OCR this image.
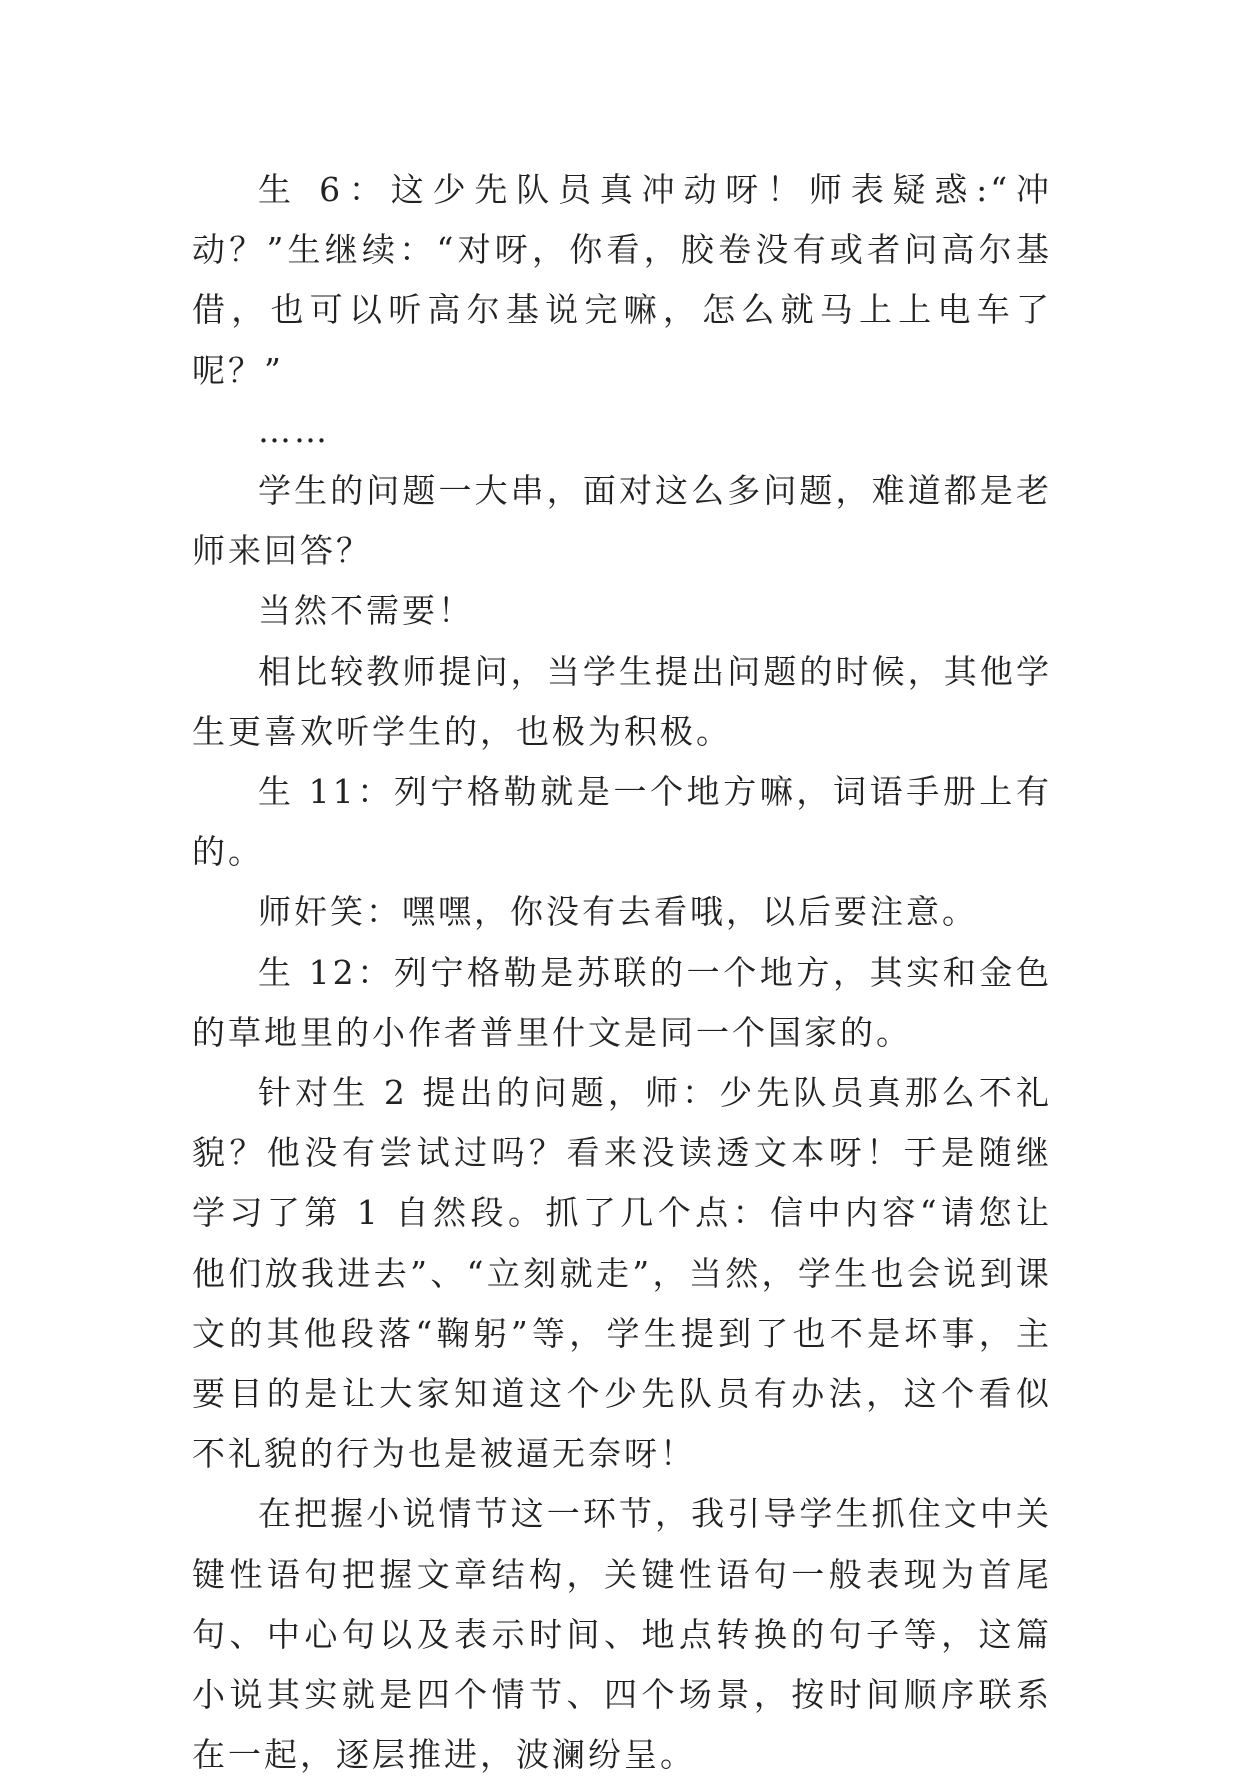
生 6：这少先队员真冲动呀！师表疑惑:“冲动？”生继续：“对呀，你看，胶卷没有或者问高尔基借，也可以听高尔基说完嘛，怎么就马上上电车了呢？”

……

学生的问题一大串，面对这么多问题，难道都是老师来回答？

当然不需要！

相比较教师提问，当学生提出问题的时候，其他学生更喜欢听学生的，也极为积极。

生 11：列宁格勒就是一个地方嘛，词语手册上有的。

师奸笑：嘿嘿，你没有去看哦，以后要注意。

生 12：列宁格勒是苏联的一个地方，其实和金色的草地里的小作者普里什文是同一个国家的。

针对生 2 提出的问题，师：少先队员真那么不礼貌？他没有尝试过吗？看来没读透文本呀！于是随继学习了第 1 自然段。抓了几个点：信中内容“请您让他们放我进去”、“立刻就走”，当然，学生也会说到课文的其他段落“鞠躬”等，学生提到了也不是坏事，主要目的是让大家知道这个少先队员有办法，这个看似不礼貌的行为也是被逼无奈呀！

在把握小说情节这一环节，我引导学生抓住文中关键性语句把握文章结构，关键性语句一般表现为首尾句、中心句以及表示时间、地点转换的句子等，这篇小说其实就是四个情节、四个场景，按时间顺序联系在一起，逐层推进，波澜纷呈。
